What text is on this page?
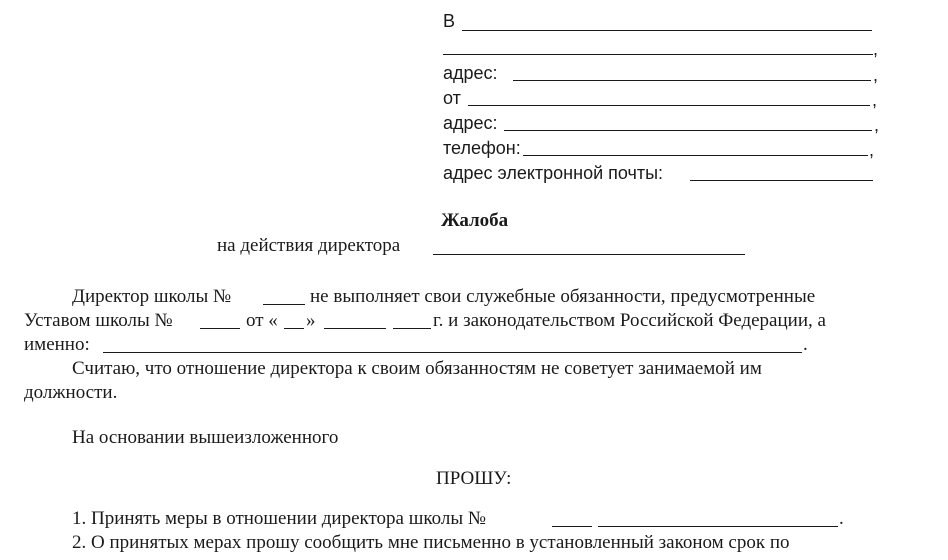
В
,
адрес:	,
от	,
адрес:	,
телефон:	,
адрес электронной почты:
Жалоба
на действия директора
Директор школы №	не выполняет свои служебные обязанности, предусмотренные
Уставом школы №	от « »	г. и законодательством Российской Федерации, а
именно:	.
Считаю, что отношение директора к своим обязанностям не советует занимаемой им
должности.
На основании вышеизложенного
ПРОШУ:
1. Принять меры в отношении директора школы №	.
2. О принятых мерах прошу сообщить мне письменно в установленный законом срок по
